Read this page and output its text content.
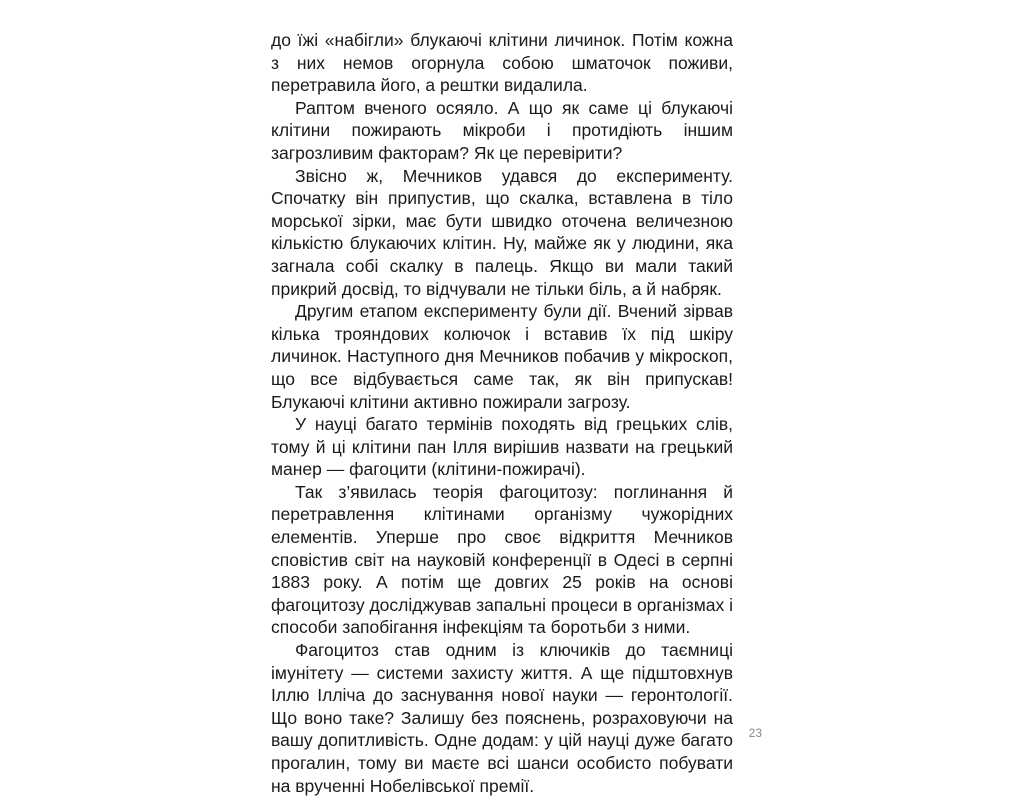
до їжі «набігли» блукаючі клітини личинок. Потім кожна з них немов огорнула собою шматочок поживи, перетравила його, а рештки видалила.

Раптом вченого осяяло. А що як саме ці блукаючі клітини пожирають мікроби і протидіють іншим загрозливим факторам? Як це перевірити?

Звісно ж, Мечников удався до експерименту. Спочатку він припустив, що скалка, вставлена в тіло морської зірки, має бути швидко оточена величезною кількістю блукаючих клітин. Ну, майже як у людини, яка загнала собі скалку в палець. Якщо ви мали такий прикрий досвід, то відчували не тільки біль, а й набряк.

Другим етапом експерименту були дії. Вчений зірвав кілька трояндових колючок і вставив їх під шкіру личинок. Наступного дня Мечников побачив у мікроскоп, що все відбувається саме так, як він припускав! Блукаючі клітини активно пожирали загрозу.

У науці багато термінів походять від грецьких слів, тому й ці клітини пан Ілля вирішив назвати на грецький манер — фагоцити (клітини-пожирачі).

Так з’явилась теорія фагоцитозу: поглинання й перетравлення клітинами організму чужорідних елементів. Уперше про своє відкриття Мечников сповістив світ на науковій конференції в Одесі в серпні 1883 року. А потім ще довгих 25 років на основі фагоцитозу досліджував запальні процеси в організмах і способи запобігання інфекціям та боротьби з ними.

Фагоцитоз став одним із ключиків до таємниці імунітету — системи захисту життя. А ще підштовхнув Іллю Ілліча до заснування нової науки — геронтології. Що воно таке? Залишу без пояснень, розраховуючи на вашу допитливість. Одне додам: у цій науці дуже багато прогалин, тому ви маєте всі шанси особисто побувати на врученні Нобелівської премії.

23
